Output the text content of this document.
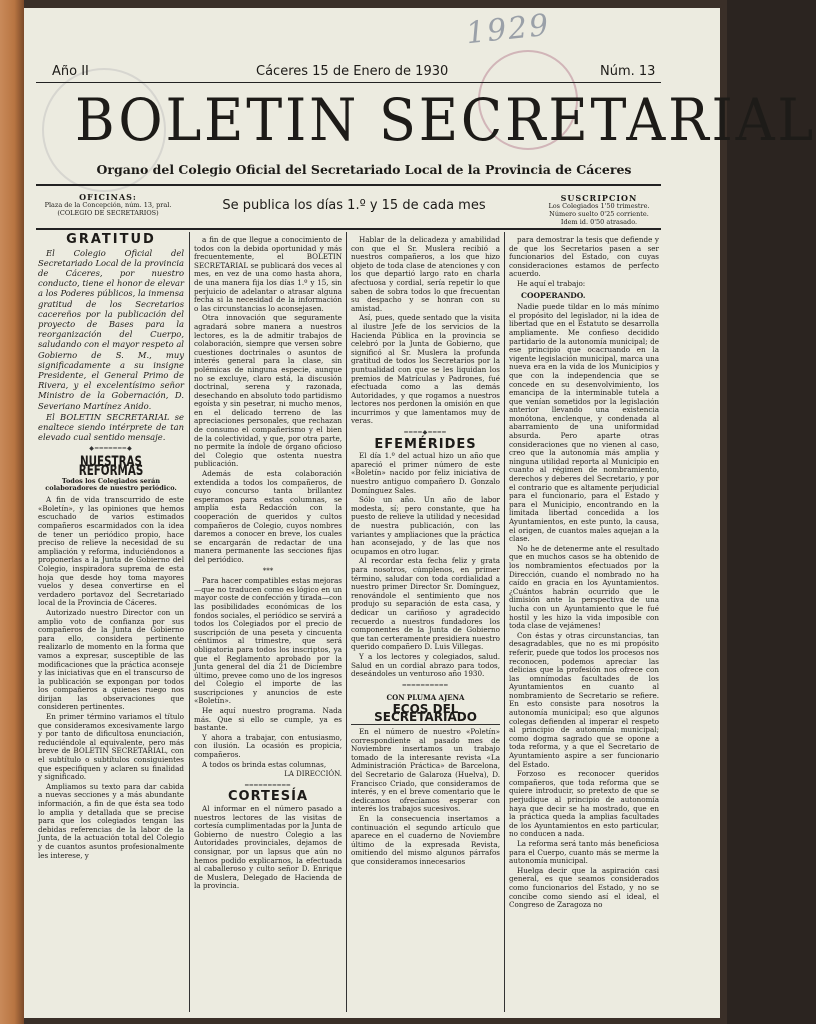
1929
Año II	Cáceres 15 de Enero de 1930	Núm. 13
BOLETIN SECRETARIAL
Organo del Colegio Oficial del Secretariado Local de la Provincia de Cáceres
OFICINAS:
Plaza de la Concepción, núm. 13, pral.
(COLEGIO DE SECRETARIOS)	Se publica los días 1.º y 15 de cada mes	SUSCRIPCION
Los Colegiados 1'50 trimestre.
Número suelto 0'25 corriente.
Idem id. 0'50 atrasado.
GRATITUD

El Colegio Oficial del Secretariado Local de la provincia de Cáceres, por nuestro conducto, tiene el honor de elevar a los Poderes públicos, la inmensa gratitud de los Secretarios cacereños por la publicación del proyecto de Bases para la reorganización del Cuerpo, saludando con el mayor respeto al Gobierno de S. M., muy significadamente a su insigne Presidente, el General Primo de Rivera, y el excelentísimo señor Ministro de la Gobernación, D. Severiano Martínez Anido.

El BOLETIN SECRETARIAL se enaltece siendo intérprete de tan elevado cual sentido mensaje.

◆━━━━━━━◆
NUESTRAS REFORMAS
Todos los Colegiados serán colaboradores de nuestro periódico.

A fin de vida transcurrido de este «Boletín», y las opiniones que hemos escuchado de varios estimados compañeros escarmidados con la idea de tener un periódico propio, hace preciso de relieve la necesidad de su ampliación y reforma, induciéndonos a proponerlas a la Junta de Gobierno del Colegio, inspiradora suprema de esta hoja que desde hoy toma mayores vuelos y desea convertirse en el verdadero portavoz del Secretariado local de la Provincia de Cáceres.

Autorizado nuestro Director con un amplio voto de confianza por sus compañeros de la Junta de Gobierno para ello, considera pertinente realizarlo de momento en la forma que vamos a expresar, susceptible de las modificaciones que la práctica aconseje y las iniciativas que en el transcurso de la publicación se expongan por todos los compañeros a quienes ruego nos dirijan las observaciones que consideren pertinentes.

En primer término variamos el título que consideramos excesivamente largo y por tanto de dificultosa enunciación, reduciéndole al equivalente, pero más breve de BOLETIN SECRETARIAL, con el subtítulo o subtítulos consiguientes que especifiquen y aclaren su finalidad y significado.

Ampliamos su texto para dar cabida a nuevas secciones y a más abundante información, a fin de que ésta sea todo lo amplia y detallada que se precise para que los colegiados tengan las debidas referencias de la labor de la Junta, de la actuación total del Colegio y de cuantos asuntos profesionalmente les interese, y

a fin de que llegue a conocimiento de todos con la debida oportunidad y más frecuentemente, el BOLETIN SECRETARIAL se publicará dos veces al mes, en vez de una como hasta ahora, de una manera fija los días 1.º y 15, sin perjuicio de adelantar o atrasar alguna fecha si la necesidad de la información o las circunstancias lo aconsejasen.

Otra innovación que seguramente agradará sobre manera a nuestros lectores, es la de admitir trabajos de colaboración, siempre que versen sobre cuestiones doctrinales o asuntos de interés general para la clase, sin polémicas de ninguna especie, aunque no se excluye, claro está, la discusión doctrinal, serena y razonada, desechando en absoluto todo partidismo egoísta y sin pesetrar, ni mucho menos, en el delicado terreno de las apreciaciones personales, que rechazan de consumo el compañerismo y el bien de la colectividad, y que, por otra parte, no permite la índole de órgano oficioso del Colegio que ostenta nuestra publicación.

Además de esta colaboración extendida a todos los compañeros, de cuyo concurso tanta brillantez esperamos para estas columnas, se amplía esta Redacción con la cooperación de queridos y cultos compañeros de Colegio, cuyos nombres daremos a conocer en breve, los cuales se encargarán de redactar de una manera permanente las secciones fijas del periódico.

***

Para hacer compatibles estas mejoras—que no traducen como es lógico en un mayor coste de confección y tirada—con las posibilidades económicas de los fondos sociales, el periódico se servirá a todos los Colegiados por el precio de suscripción de una peseta y cincuenta céntimos al trimestre, que será obligatoria para todos los inscriptos, ya que el Reglamento aprobado por la Junta general del día 21 de Diciembre último, prevee como uno de los ingresos del Colegio el importe de las suscripciones y anuncios de este «Boletín».

He aquí nuestro programa. Nada más. Que si ello se cumple, ya es bastante.

Y ahora a trabajar, con entusiasmo, con ilusión. La ocasión es propicia, compañeros.

A todos os brinda estas columnas,

LA DIRECCIÓN.
━━━━━━━━━━
CORTESÍA

Al informar en el número pasado a nuestros lectores de las visitas de cortesía cumplimentadas por la Junta de Gobierno de nuestro Colegio a las Autoridades provinciales, dejamos de consignar, por un lapsus que aún no hemos podido explicarnos, la efectuada al caballeroso y culto señor D. Enrique de Muslera, Delegado de Hacienda de la provincia.

Hablar de la delicadeza y amabilidad con que el Sr. Muslera recibió a nuestros compañeros, a los que hizo objeto de toda clase de atenciones y con los que departió largo rato en charla afectuosa y cordial, sería repetir lo que saben de sobra todos lo que frecuentan su despacho y se honran con su amistad.

Así, pues, quede sentado que la visita al ilustre Jefe de los servicios de la Hacienda Pública en la provincia se celebró por la Junta de Gobierno, que significó al Sr. Muslera la profunda gratitud de todos los Secretarios por la puntualidad con que se les liquidan los premios de Matrículas y Padrones, fué efectuada como a las demás Autoridades, y que rogamos a nuestros lectores nos perdonen la omisión en que incurrimos y que lamentamos muy de veras.

━━━━◆━━━━
EFEMÉRIDES

El día 1.º del actual hizo un año que apareció el primer número de este «Boletín» nacido por feliz iniciativa de nuestro antiguo compañero D. Gonzalo Domínguez Sales.

Sólo un año. Un año de labor modesta, sí; pero constante, que ha puesto de relieve la utilidad y necesidad de nuestra publicación, con las variantes y ampliaciones que la práctica han aconsejado, y de las que nos ocupamos en otro lugar.

Al recordar esta fecha feliz y grata para nosotros, cúmplenos, en primer término, saludar con toda cordialidad a nuestro primer Director Sr. Domínguez, renovándole el sentimiento que nos produjo su separación de esta casa, y dedicar un cariñoso y agradecido recuerdo a nuestros fundadores los componentes de la Junta de Gobierno que tan certeramente presidiera nuestro querido compañero D. Luis Villegas.

Y a los lectores y colegiados, salud. Salud en un cordial abrazo para todos, deseándoles un venturoso año 1930.

━━━━━━━━━━
CON PLUMA AJENA
ECOS DEL SECRETARIADO

En el número de nuestro «Poletín» correspondiente al pasado mes de Noviembre insertamos un trabajo tomado de la interesante revista «La Administración Práctica» de Barcelona, del Secretario de Galaroza (Huelva), D. Francisco Criado, que consideramos de interés, y en el breve comentario que le dedicamos ofrecíamos esperar con interés los trabajos sucesivos.

En la consecuencia insertamos a continuación el segundo artículo que aparece en el cuaderno de Noviembre último de la expresada Revista, omitiendo del mismo algunos párrafos que consideramos innecesarios

para demostrar la tesis que defiende y de que los Secretarios pasen a ser funcionarios del Estado, con cuyas consideraciones estamos de perfecto acuerdo.

He aquí el trabajo:

COOPERANDO.

Nadie puede tildar en lo más mínimo el propósito del legislador, ni la idea de libertad que en el Estatuto se desarrolla ampliamente. Me confieso decidido partidario de la autonomía municipal; de ese principio que ocacruando en la vigente legislación municipal, marca una nueva era en la vida de los Municipios y que con la independencia que se concede en su desenvolvimiento, los emancipa de la interminable tutela a que venían sometidos por la legislación anterior llevando una existencia monótona, enclenque, y condenada al abarramiento de una uniformidad absurda. Pero aparte otras consideraciones que no vienen al caso, creo que la autonomía más amplia y ninguna utilidad reporta al Municipio en cuanto al régimen de nombramiento, derechos y deberes del Secretario, y por el contrario que es altamente perjudicial para el funcionario, para el Estado y para el Municipio, encontrando en la limitada libertad concedida a los Ayuntamientos, en este punto, la causa, el origen, de cuantos males aquejan a la clase.

No he de detenerme ante el resultado que en muchos casos se ha obtenido de los nombramientos efectuados por la Dirección, cuando el nombrado no ha caído en gracia en los Ayuntamientos. ¿Cuántos habrán ocurrido que le dimisión ante la perspectiva de una lucha con un Ayuntamiento que le fué hostil y les hizo la vida imposible con toda clase de vejámenes!

Con éstas y otras circunstancias, tan desagradables, que no es mi propósito referir, puede que todos los procesos nos reconocen, podemos apreciar las delicias que la profesión nos ofrece con las omnímodas facultades de los Ayuntamientos en cuanto al nombramiento de Secretario se refiere. En esto consiste para nosotros la autonomía municipal; eso que algunos colegas defienden al imperar el respeto al principio de autonomía municipal; como dogma sagrado que se opone a toda reforma, y a que el Secretario de Ayuntamiento aspire a ser funcionario del Estado.

Forzoso es reconocer queridos compañeros, que toda reforma que se quiere introducir, so pretexto de que se perjudique al principio de autonomía haya que decir se ha mostrado, que en la práctica queda la amplias facultades de los Ayuntamientos en esto particular, no conducen a nada.

La reforma será tanto más beneficiosa para el Cuerpo, cuanto más se merme la autonomía municipal.

Huelga decir que la aspiración casi general, es que seamos considerados como funcionarios del Estado, y no se concibe como siendo así el ideal, el Congreso de Zaragoza no
